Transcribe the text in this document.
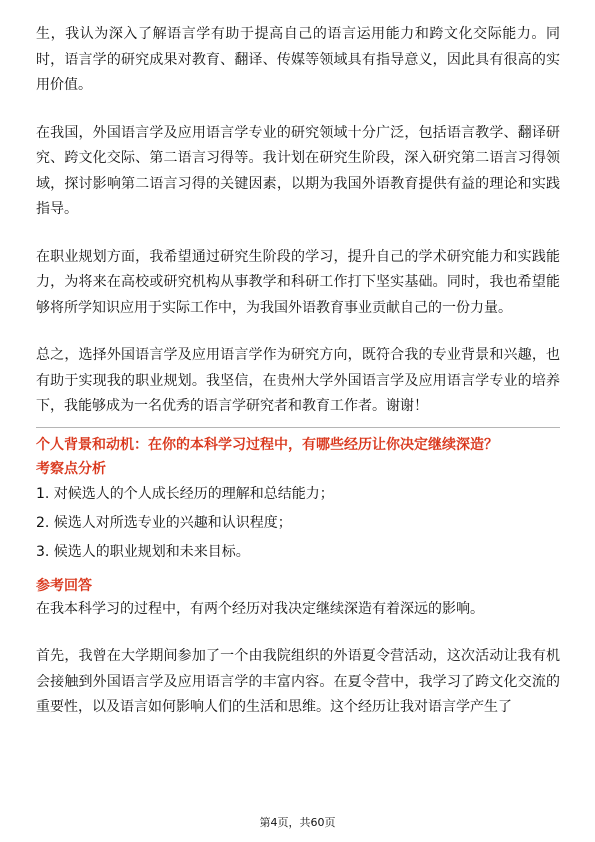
生，我认为深入了解语言学有助于提高自己的语言运用能力和跨文化交际能力。同时，语言学的研究成果对教育、翻译、传媒等领域具有指导意义，因此具有很高的实用价值。

在我国，外国语言学及应用语言学专业的研究领域十分广泛，包括语言教学、翻译研究、跨文化交际、第二语言习得等。我计划在研究生阶段，深入研究第二语言习得领域，探讨影响第二语言习得的关键因素，以期为我国外语教育提供有益的理论和实践指导。

在职业规划方面，我希望通过研究生阶段的学习，提升自己的学术研究能力和实践能力，为将来在高校或研究机构从事教学和科研工作打下坚实基础。同时，我也希望能够将所学知识应用于实际工作中，为我国外语教育事业贡献自己的一份力量。

总之，选择外国语言学及应用语言学作为研究方向，既符合我的专业背景和兴趣，也有助于实现我的职业规划。我坚信，在贵州大学外国语言学及应用语言学专业的培养下，我能够成为一名优秀的语言学研究者和教育工作者。谢谢！

个人背景和动机：在你的本科学习过程中，有哪些经历让你决定继续深造？

考察点分析

1. 对候选人的个人成长经历的理解和总结能力；
2. 候选人对所选专业的兴趣和认识程度；
3. 候选人的职业规划和未来目标。

参考回答

在我本科学习的过程中，有两个经历对我决定继续深造有着深远的影响。

首先，我曾在大学期间参加了一个由我院组织的外语夏令营活动，这次活动让我有机会接触到外国语言学及应用语言学的丰富内容。在夏令营中，我学习了跨文化交流的重要性，以及语言如何影响人们的生活和思维。这个经历让我对语言学产生了

第4页，共60页
